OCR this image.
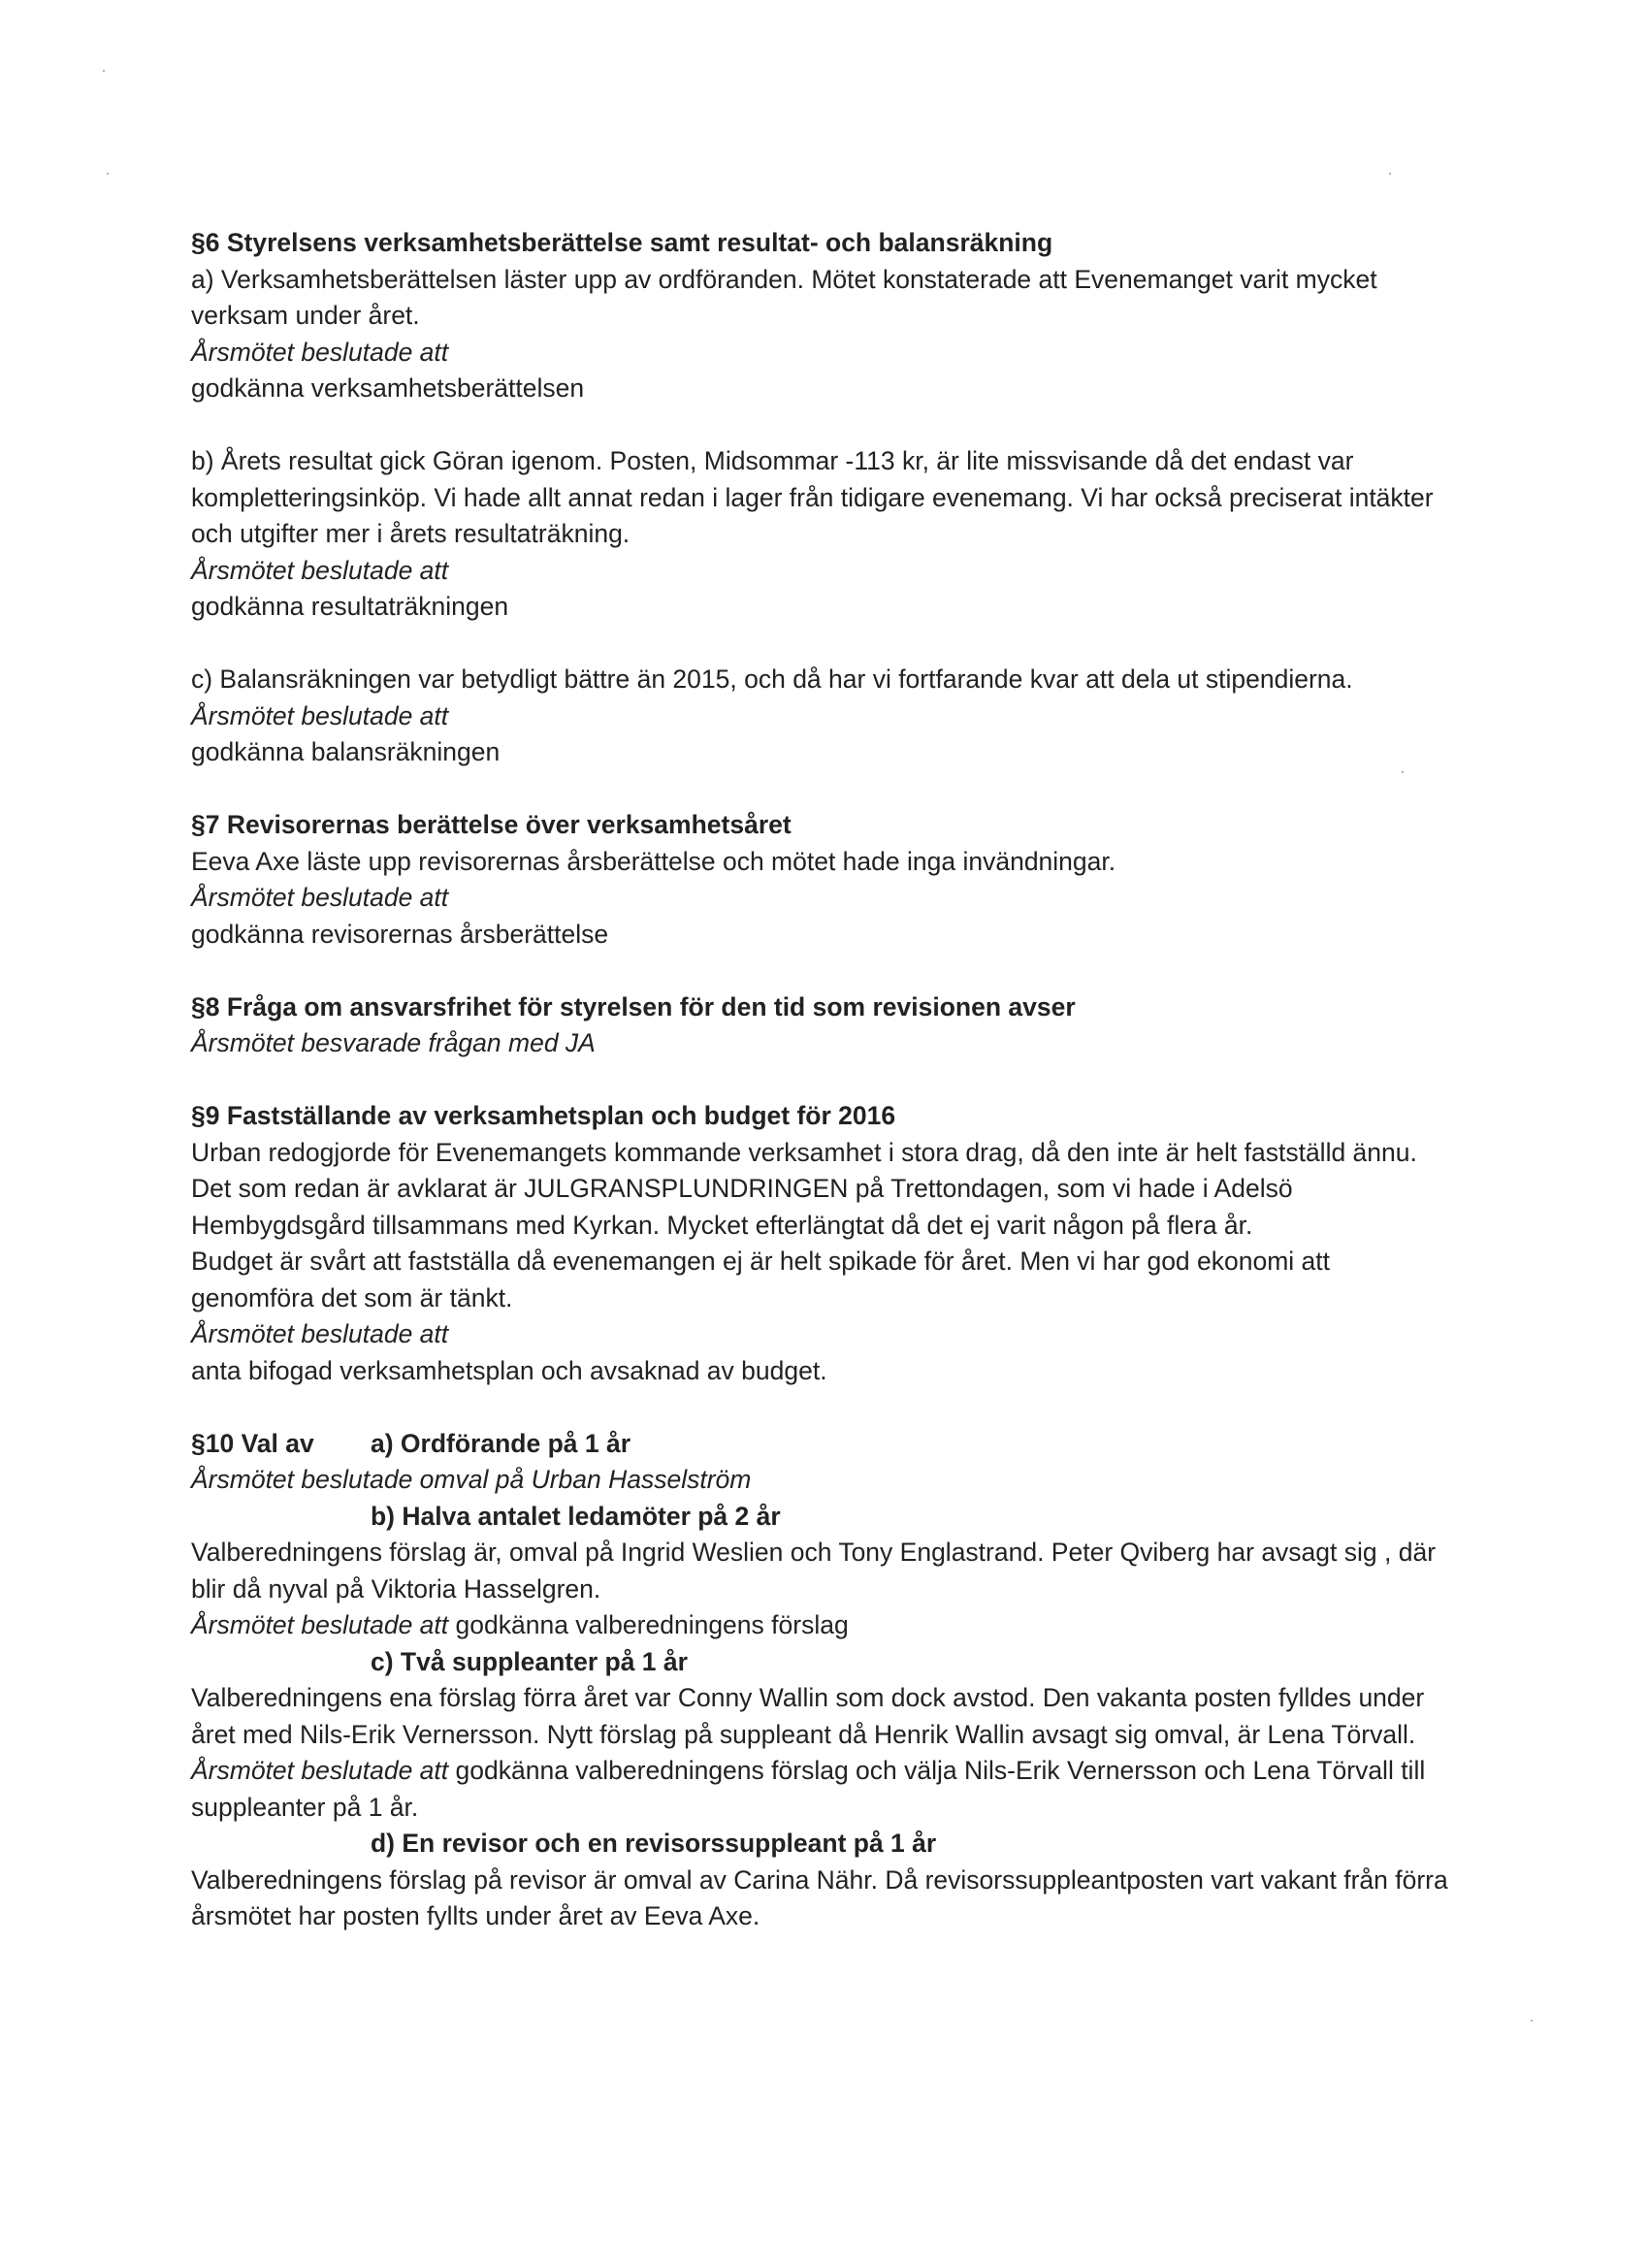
§6 Styrelsens verksamhetsberättelse samt resultat- och balansräkning

a) Verksamhetsberättelsen läster upp av ordföranden. Mötet konstaterade att Evenemanget varit mycket verksam under året.

Årsmötet beslutade att

godkänna verksamhetsberättelsen

b) Årets resultat gick Göran igenom. Posten, Midsommar -113 kr, är lite missvisande då det endast var kompletteringsinköp. Vi hade allt annat redan i lager från tidigare evenemang. Vi har också preciserat intäkter och utgifter mer i årets resultaträkning.

Årsmötet beslutade att

godkänna resultaträkningen

c) Balansräkningen var betydligt bättre än 2015, och då har vi fortfarande kvar att dela ut stipendierna.

Årsmötet beslutade att

godkänna balansräkningen

§7 Revisorernas berättelse över verksamhetsåret

Eeva Axe läste upp revisorernas årsberättelse och mötet hade inga invändningar.

Årsmötet beslutade att

godkänna revisorernas årsberättelse

§8 Fråga om ansvarsfrihet för styrelsen för den tid som revisionen avser

Årsmötet besvarade frågan med JA

§9 Fastställande av verksamhetsplan och budget för 2016

Urban redogjorde för Evenemangets kommande verksamhet i stora drag, då den inte är helt fastställd ännu. Det som redan är avklarat är JULGRANSPLUNDRINGEN på Trettondagen, som vi hade i Adelsö Hembygdsgård tillsammans med Kyrkan. Mycket efterlängtat då det ej varit någon på flera år.

Budget är svårt att fastställa då evenemangen ej är helt spikade för året. Men vi har god ekonomi att genomföra det som är tänkt.

Årsmötet beslutade att

anta bifogad verksamhetsplan och avsaknad av budget.

§10 Val av a) Ordförande på 1 år

Årsmötet beslutade omval på Urban Hasselström

b) Halva antalet ledamöter på 2 år

Valberedningens förslag är, omval på Ingrid Weslien och Tony Englastrand. Peter Qviberg har avsagt sig , där blir då nyval på Viktoria Hasselgren.

Årsmötet beslutade att godkänna valberedningens förslag

c) Två suppleanter på 1 år

Valberedningens ena förslag förra året var Conny Wallin som dock avstod. Den vakanta posten fylldes under året med Nils-Erik Vernersson. Nytt förslag på suppleant då Henrik Wallin avsagt sig omval, är Lena Törvall.

Årsmötet beslutade att godkänna valberedningens förslag och välja Nils-Erik Vernersson och Lena Törvall till suppleanter på 1 år.

d) En revisor och en revisorssuppleant på 1 år

Valberedningens förslag på revisor är omval av Carina Nähr. Då revisorssuppleantposten vart vakant från förra årsmötet har posten fyllts under året av Eeva Axe.
